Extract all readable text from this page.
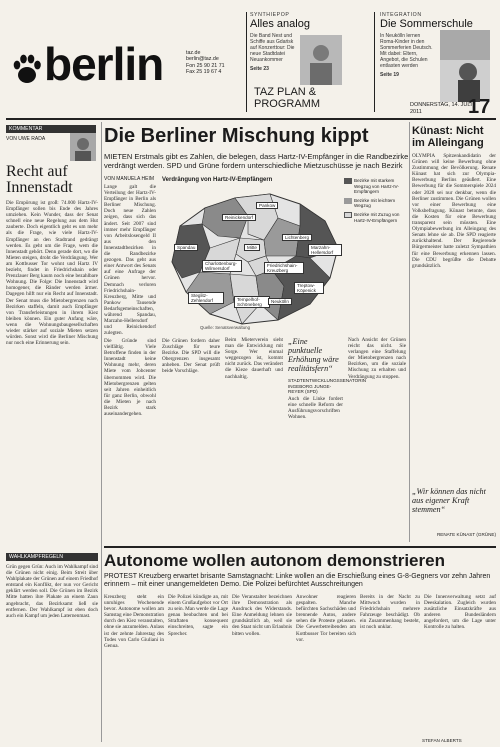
berlin	taz.de
berlin@taz.de
Fon 25 90 21 71
Fax 25 19 67 4
SYNTHIEPOP
Alles analog
Die Band Nest und Schiffe aus Gdańsk auf Konzerttour: Die neue Stadtdatei Neuankommer
Seite 23
TAZ PLAN & PROGRAMM
INTEGRATION
Die Sommerschule
In Neukölln lernen Roma-Kinder in den Sommerferien Deutsch. Mit dabei: Eltern, Angebot, die Schulen entlasten werden
Seite 19
DONNERSTAG, 14. JULI 2011	17
KOMMENTAR
VON UWE RADA
Recht auf Innenstadt
Die Empörung ist groß: 74.000 Hartz-IV-Empfänger sollen bis Ende des Jahres umziehen. Kein Wunder, dass der Senat schnell eine neue Regelung aus dem Hut zauberte. Doch eigentlich geht es um mehr als die Frage, wie viele Hartz-IV-Empfänger an den Stadtrand gedrängt werden. Es geht um die Frage, wem die Innenstadt gehört. Denn gerade dort, wo die Mieten steigen, droht die Verdrängung. Wer am Kottbusser Tor wohnt und Hartz IV bezieht, findet in Friedrichshain oder Prenzlauer Berg kaum noch eine bezahlbare Wohnung. Die Folge: Die Innenstadt wird homogener, die Ränder werden ärmer. Dagegen hilft nur ein Recht auf Innenstadt. Der Senat muss die Mietobergrenzen nach Bezirken staffeln, damit auch Empfänger von Transferleistungen in ihrem Kiez bleiben können. Ein guter Anfang wäre, wenn die Wohnungsbaugesellschaften wieder stärker auf soziale Mieten setzen würden. Sonst wird die Berliner Mischung nur noch eine Erinnerung sein.
WAHLKAMPFREGELN
Grün gegen Grün: Auch im Wahlkampf sind die Grünen nicht einig. Beim Streit über Wahlplakate der Grünen auf einem Friedhof entstand ein Konflikt, der nun vor Gericht geklärt werden soll. Die Grünen im Bezirk Mitte hatten ihre Plakate an einem Zaun angebracht, das Bezirksamt ließ sie entfernen. Der Wahlkampf ist eben doch auch ein Kampf um jeden Laternenmast.
Die Berliner Mischung kippt
MIETEN Erstmals gibt es Zahlen, die belegen, dass Hartz-IV-Empfänger in die Randbezirke verdrängt werden. SPD und Grüne fordern unterschiedliche Mietzuschüsse je nach Bezirk
VON MANUELA HEIM
Lange galt die Verteilung der Hartz-IV-Empfänger in Berlin als Berliner Mischung. Doch neue Zahlen zeigen, dass sich das ändert. Seit 2007 sind immer mehr Empfänger von Arbeitslosengeld II aus den Innenstadtbezirken in die Randbezirke gezogen. Das geht aus einer Antwort des Senats auf eine Anfrage der Grünen hervor. Demnach verloren Friedrichshain-Kreuzberg, Mitte und Pankow Tausende Bedarfsgemeinschaften, während Spandau, Marzahn-Hellersdorf und Reinickendorf zulegten.
Verdrängung von Hartz-IV-Empfängern
Reinickendorf
Pankow
Spandau	Mitte
Lichtenberg
Marzahn-Hellersdorf
Charlottenburg-Wilmersdorf
Friedrichshain-Kreuzberg
Steglitz-Zehlendorf	Tempelhof-Schöneberg
Neukölln
Treptow-Köpenick
Bezirke mit starkem Wegzug von Hartz-IV-Empfängern
Bezirke mit leichtem Wegzug
Bezirke mit Zuzug von Hartz-IV-Empfängern
Quelle: Senatsverwaltung
Die Gründe sind vielfältig. Viele Betroffene finden in der Innenstadt keine Wohnung mehr, deren Miete vom Jobcenter übernommen wird. Die Mietobergrenzen gelten seit Jahren einheitlich für ganz Berlin, obwohl die Mieten je nach Bezirk stark auseinandergehen.
Die Grünen fordern daher Zuschläge für teure Bezirke. Die SPD will die Obergrenzen insgesamt anheben. Der Senat prüft beide Vorschläge.
Beim Mieterverein sieht man die Entwicklung mit Sorge. Wer einmal weggezogen ist, kommt nicht zurück. Das verändert die Kieze dauerhaft und nachhaltig.
„Eine punktuelle Erhöhung wäre realitätsfern“
STADTENTWICKLUNGSSENATORIN INGEBORG JUNGE-REYER (SPD)
Auch die Linke fordert eine schnelle Reform der Ausführungsvorschriften Wohnen.
Nach Ansicht der Grünen reicht das nicht. Sie verlangen eine Staffelung der Mietobergrenzen nach Bezirken, um die soziale Mischung zu erhalten und Verdrängung zu stoppen.
Künast: Nicht im Alleingang
OLYMPIA Spitzenkandidatin der Grünen will keine Bewerbung ohne Zustimmung der Bevölkerung. Renate Künast hat sich zur Olympia-Bewerbung Berlins geäußert. Eine Bewerbung für die Sommerspiele 2024 oder 2028 sei nur denkbar, wenn die Berliner zustimmen. Die Grünen wollen vor einer Bewerbung eine Volksbefragung. Künast betonte, dass die Kosten für eine Bewerbung transparent sein müssten. Eine Olympiabewerbung im Alleingang des Senats lehne sie ab. Die SPD reagierte zurückhaltend. Der Regierende Bürgermeister hatte zuletzt Sympathien für eine Bewerbung erkennen lassen. Die CDU begrüßte die Debatte grundsätzlich.
„Wir können das nicht aus eigener Kraft stemmen“
RENATE KÜNAST (GRÜNE)
Autonome wollen autonom demonstrieren
PROTEST Kreuzberg erwartet brisante Samstagnacht: Linke wollen an die Erschießung eines G-8-Gegners vor zehn Jahren erinnern – mit einer unangemeldeten Demo. Die Polizei befürchtet Ausschreitungen
Kreuzberg steht ein unruhiges Wochenende bevor. Autonome wollen am Samstag eine Demonstration durch den Kiez veranstalten, ohne sie anzumelden. Anlass ist der zehnte Jahrestag des Todes von Carlo Giuliani in Genua.
Die Polizei kündigte an, mit einem Großaufgebot vor Ort zu sein. Man werde die Lage genau beobachten und bei Straftaten konsequent einschreiten, sagte ein Sprecher.
Die Veranstalter bezeichnen ihre Demonstration als Ausdruck des Widerstands. Eine Anmeldung lehnen sie grundsätzlich ab, weil sie den Staat nicht um Erlaubnis bitten wollen.
Anwohner reagieren gespalten. Manche befürchten Sachschäden und brennende Autos, andere sehen die Proteste gelassen. Die Gewerbetreibenden am Kottbusser Tor bereiten sich vor.
Bereits in der Nacht zu Mittwoch wurden in Friedrichshain mehrere Fahrzeuge beschädigt. Ob ein Zusammenhang besteht, ist noch unklar.
Die Innenverwaltung setzt auf Deeskalation. Zugleich wurden zusätzliche Einsatzkräfte aus anderen Bundesländern angefordert, um die Lage unter Kontrolle zu halten.
STEFAN ALBERTS
